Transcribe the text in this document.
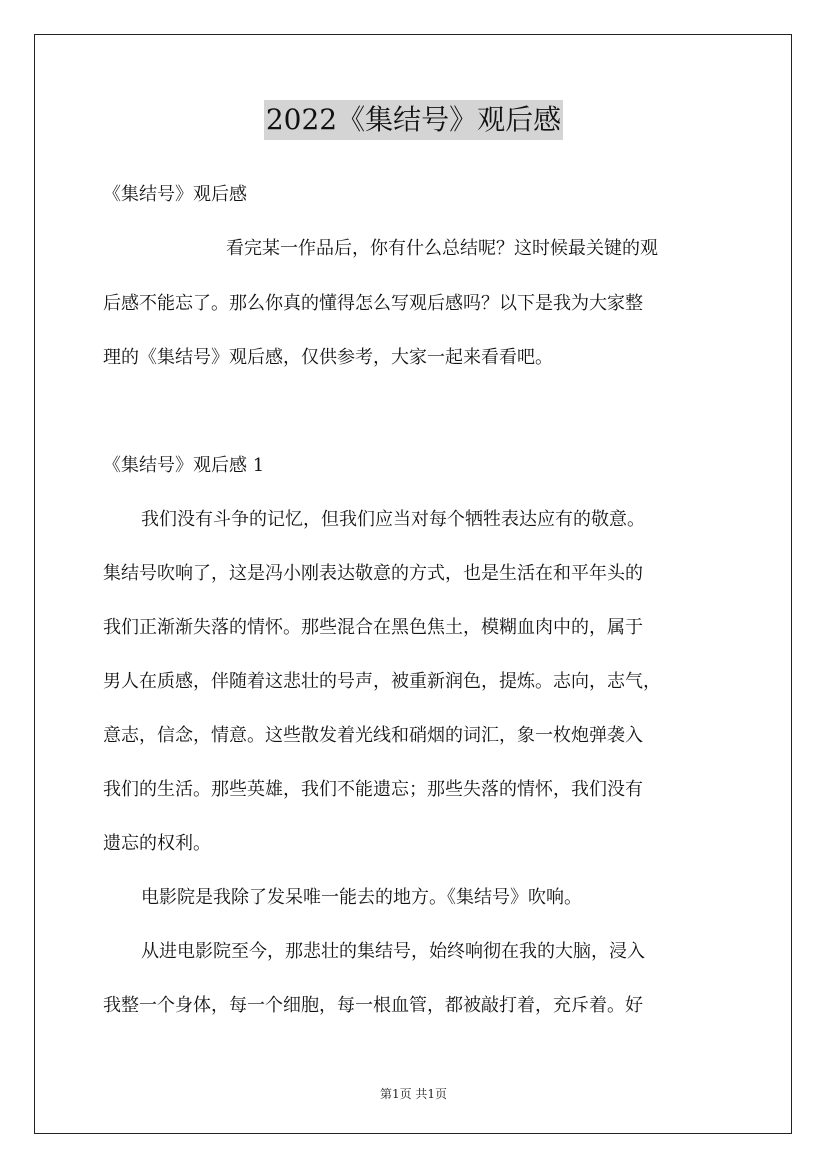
2022《集结号》观后感
《集结号》观后感
看完某一作品后，你有什么总结呢？这时候最关键的观
后感不能忘了。那么你真的懂得怎么写观后感吗？以下是我为大家整
理的《集结号》观后感，仅供参考，大家一起来看看吧。
《集结号》观后感 1
我们没有斗争的记忆，但我们应当对每个牺牲表达应有的敬意。
集结号吹响了，这是冯小刚表达敬意的方式，也是生活在和平年头的
我们正渐渐失落的情怀。那些混合在黑色焦土，模糊血肉中的，属于
男人在质感，伴随着这悲壮的号声，被重新润色，提炼。志向，志气，
意志，信念，情意。这些散发着光线和硝烟的词汇，象一枚炮弹袭入
我们的生活。那些英雄，我们不能遗忘；那些失落的情怀，我们没有
遗忘的权利。
电影院是我除了发呆唯一能去的地方。《集结号》吹响。
从进电影院至今，那悲壮的集结号，始终响彻在我的大脑，浸入
我整一个身体，每一个细胞，每一根血管，都被敲打着，充斥着。好
第1页 共1页
